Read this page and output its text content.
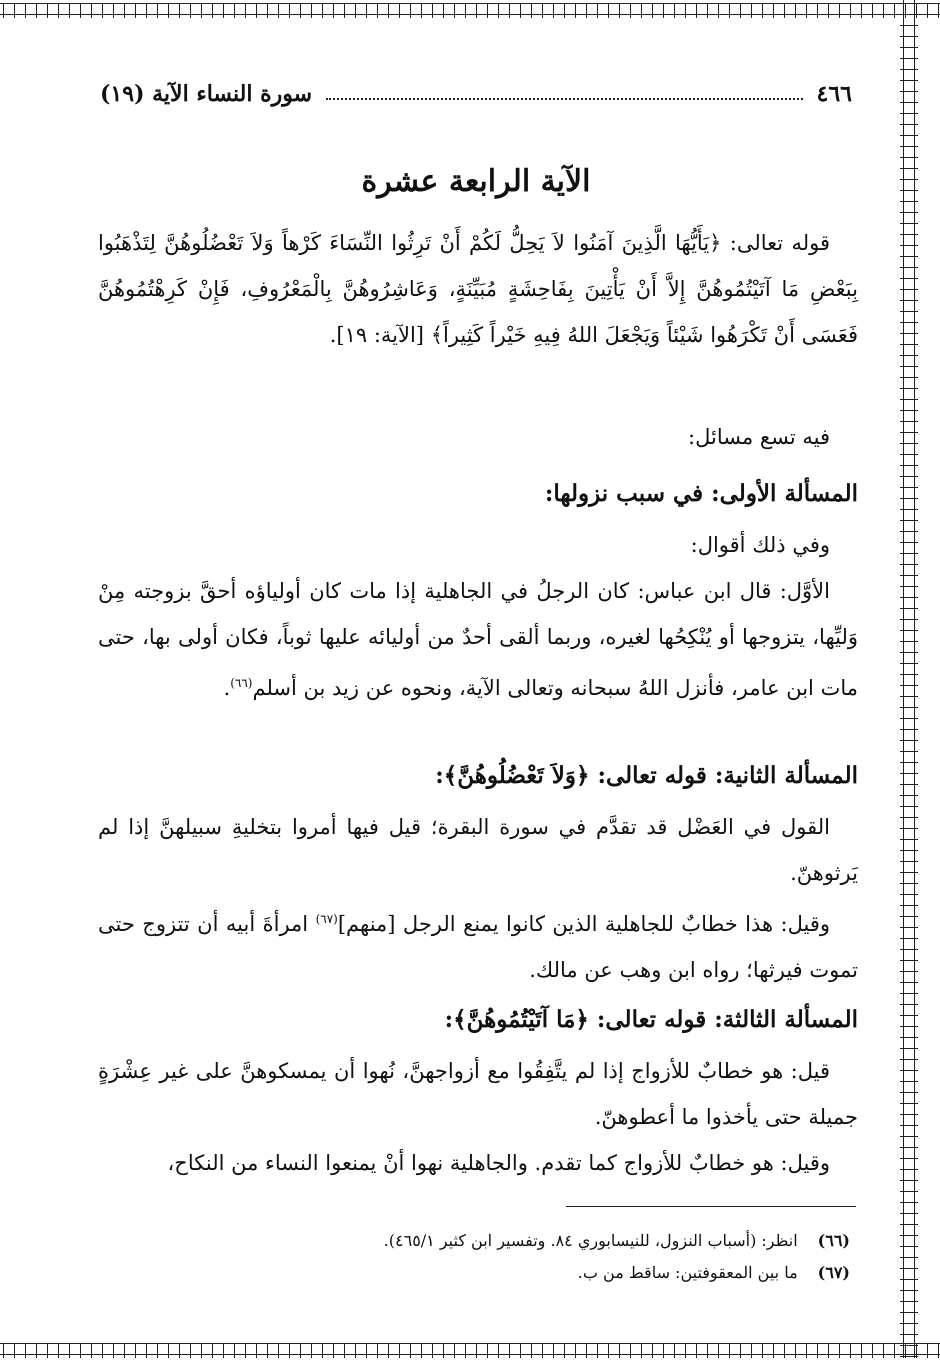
٤٦٦
سورة النساء الآية (١٩)
الآية الرابعة عشرة
قوله تعالى: ﴿يَأَيُّهَا الَّذِينَ آمَنُوا لاَ يَحِلُّ لَكُمْ أَنْ تَرِثُوا النِّسَاءَ كَرْهاً وَلاَ تَعْضُلُوهُنَّ لِتَذْهَبُوا بِبَعْضِ مَا آتَيْتُمُوهُنَّ إِلاَّ أَنْ يَأْتِينَ بِفَاحِشَةٍ مُبَيِّنَةٍ، وَعَاشِرُوهُنَّ بِالْمَعْرُوفِ، فَإِنْ كَرِهْتُمُوهُنَّ فَعَسَى أَنْ تَكْرَهُوا شَيْئاً وَيَجْعَلَ اللهُ فِيهِ خَيْراً كَثِيراً﴾ [الآية: ١٩].
فيه تسع مسائل:
المسألة الأولى: في سبب نزولها:
وفي ذلك أقوال:
الأوَّل: قال ابن عباس: كان الرجلُ في الجاهلية إذا مات كان أولياؤه أحقَّ بزوجته مِنْ وَليِّها، يتزوجها أو يُنْكِحُها لغيره، وربما ألقى أحدٌ من أوليائه عليها ثوباً، فكان أولى بها، حتى مات ابن عامر، فأنزل اللهُ سبحانه وتعالى الآية، ونحوه عن زيد بن أسلم$^{(٦٦)}$.
المسألة الثانية: قوله تعالى: ﴿وَلاَ تَعْضُلُوهُنَّ﴾:
القول في العَضْل قد تقدَّم في سورة البقرة؛ قيل فيها أمروا بتخليةِ سبيلهنَّ إذا لم يَرثوهنّ.
وقيل: هذا خطابٌ للجاهلية الذين كانوا يمنع الرجل [منهم]$^{(٦٧)}$ امرأةَ أبيه أن تتزوج حتى تموت فيرثها؛ رواه ابن وهب عن مالك.
المسألة الثالثة: قوله تعالى: ﴿مَا آتَيْتُمُوهُنَّ﴾:
قيل: هو خطابٌ للأزواج إذا لم يتَّفِقُوا مع أزواجهنَّ، نُهوا أن يمسكوهنَّ على غير عِشْرَةٍ جميلة حتى يأخذوا ما أعطوهنّ.
وقيل: هو خطابٌ للأزواج كما تقدم. والجاهلية نهوا أنْ يمنعوا النساء من النكاح،
(٦٦)
انظر: (أسباب النزول، للنيسابوري ٨٤. وتفسير ابن كثير ٤٦٥/١).
(٦٧)
ما بين المعقوفتين: ساقط من ب.
